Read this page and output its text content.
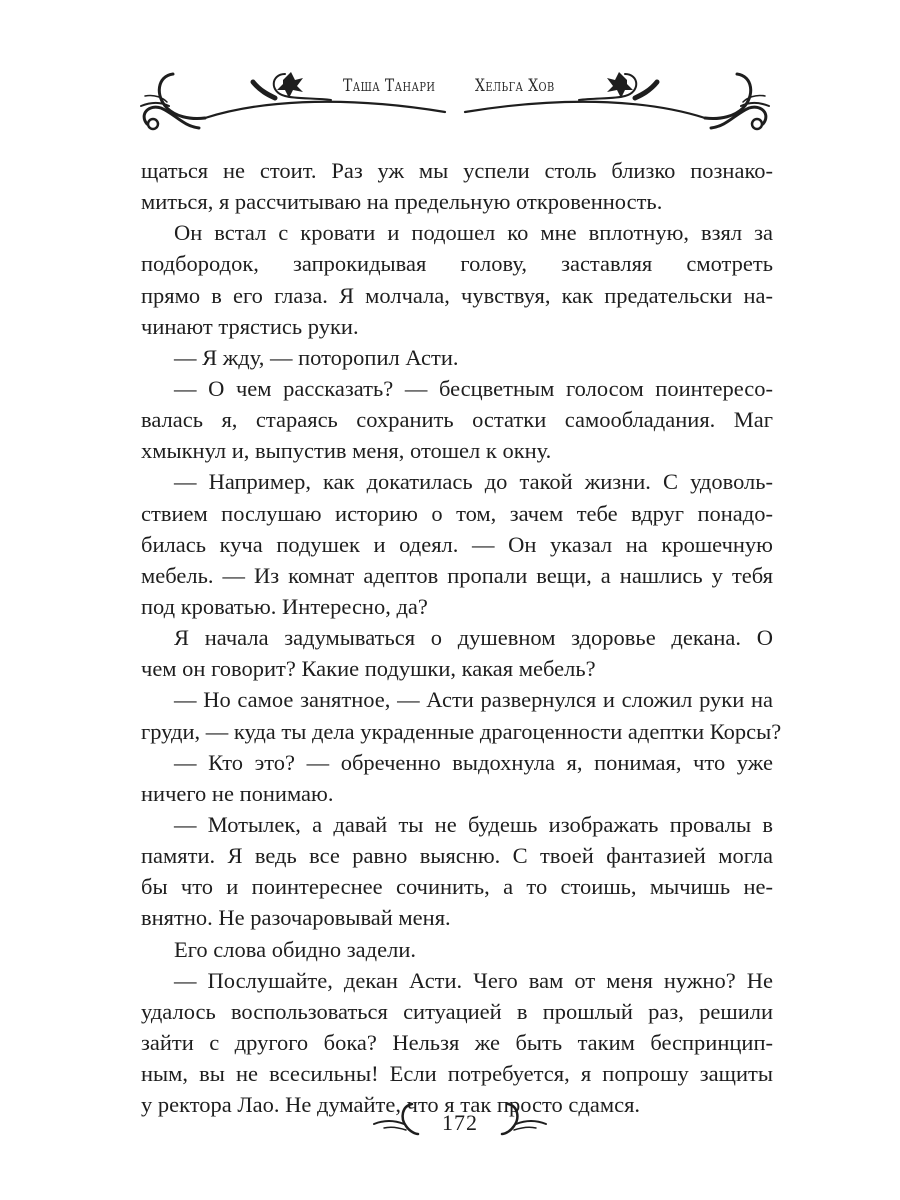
Таша Танари Хельга Хов
щаться не стоит. Раз уж мы успели столь близко познако-
миться, я рассчитываю на предельную откровенность.
Он встал с кровати и подошел ко мне вплотную, взял за
подбородок, запрокидывая голову, заставляя смотреть
прямо в его глаза. Я молчала, чувствуя, как предательски на-
чинают трястись руки.
— Я жду, — поторопил Асти.
— О чем рассказать? — бесцветным голосом поинтересо-
валась я, стараясь сохранить остатки самообладания. Маг
хмыкнул и, выпустив меня, отошел к окну.
— Например, как докатилась до такой жизни. С удоволь-
ствием послушаю историю о том, зачем тебе вдруг понадо-
билась куча подушек и одеял. — Он указал на крошечную
мебель. — Из комнат адептов пропали вещи, а нашлись у тебя
под кроватью. Интересно, да?
Я начала задумываться о душевном здоровье декана. О
чем он говорит? Какие подушки, какая мебель?
— Но самое занятное, — Асти развернулся и сложил руки на
груди, — куда ты дела украденные драгоценности адептки Корсы?
— Кто это? — обреченно выдохнула я, понимая, что уже
ничего не понимаю.
— Мотылек, а давай ты не будешь изображать провалы в
памяти. Я ведь все равно выясню. С твоей фантазией могла
бы что и поинтереснее сочинить, а то стоишь, мычишь не-
внятно. Не разочаровывай меня.
Его слова обидно задели.
— Послушайте, декан Асти. Чего вам от меня нужно? Не
удалось воспользоваться ситуацией в прошлый раз, решили
зайти с другого бока? Нельзя же быть таким беспринцип-
ным, вы не всесильны! Если потребуется, я попрошу защиты
у ректора Лао. Не думайте, что я так просто сдамся.
172
